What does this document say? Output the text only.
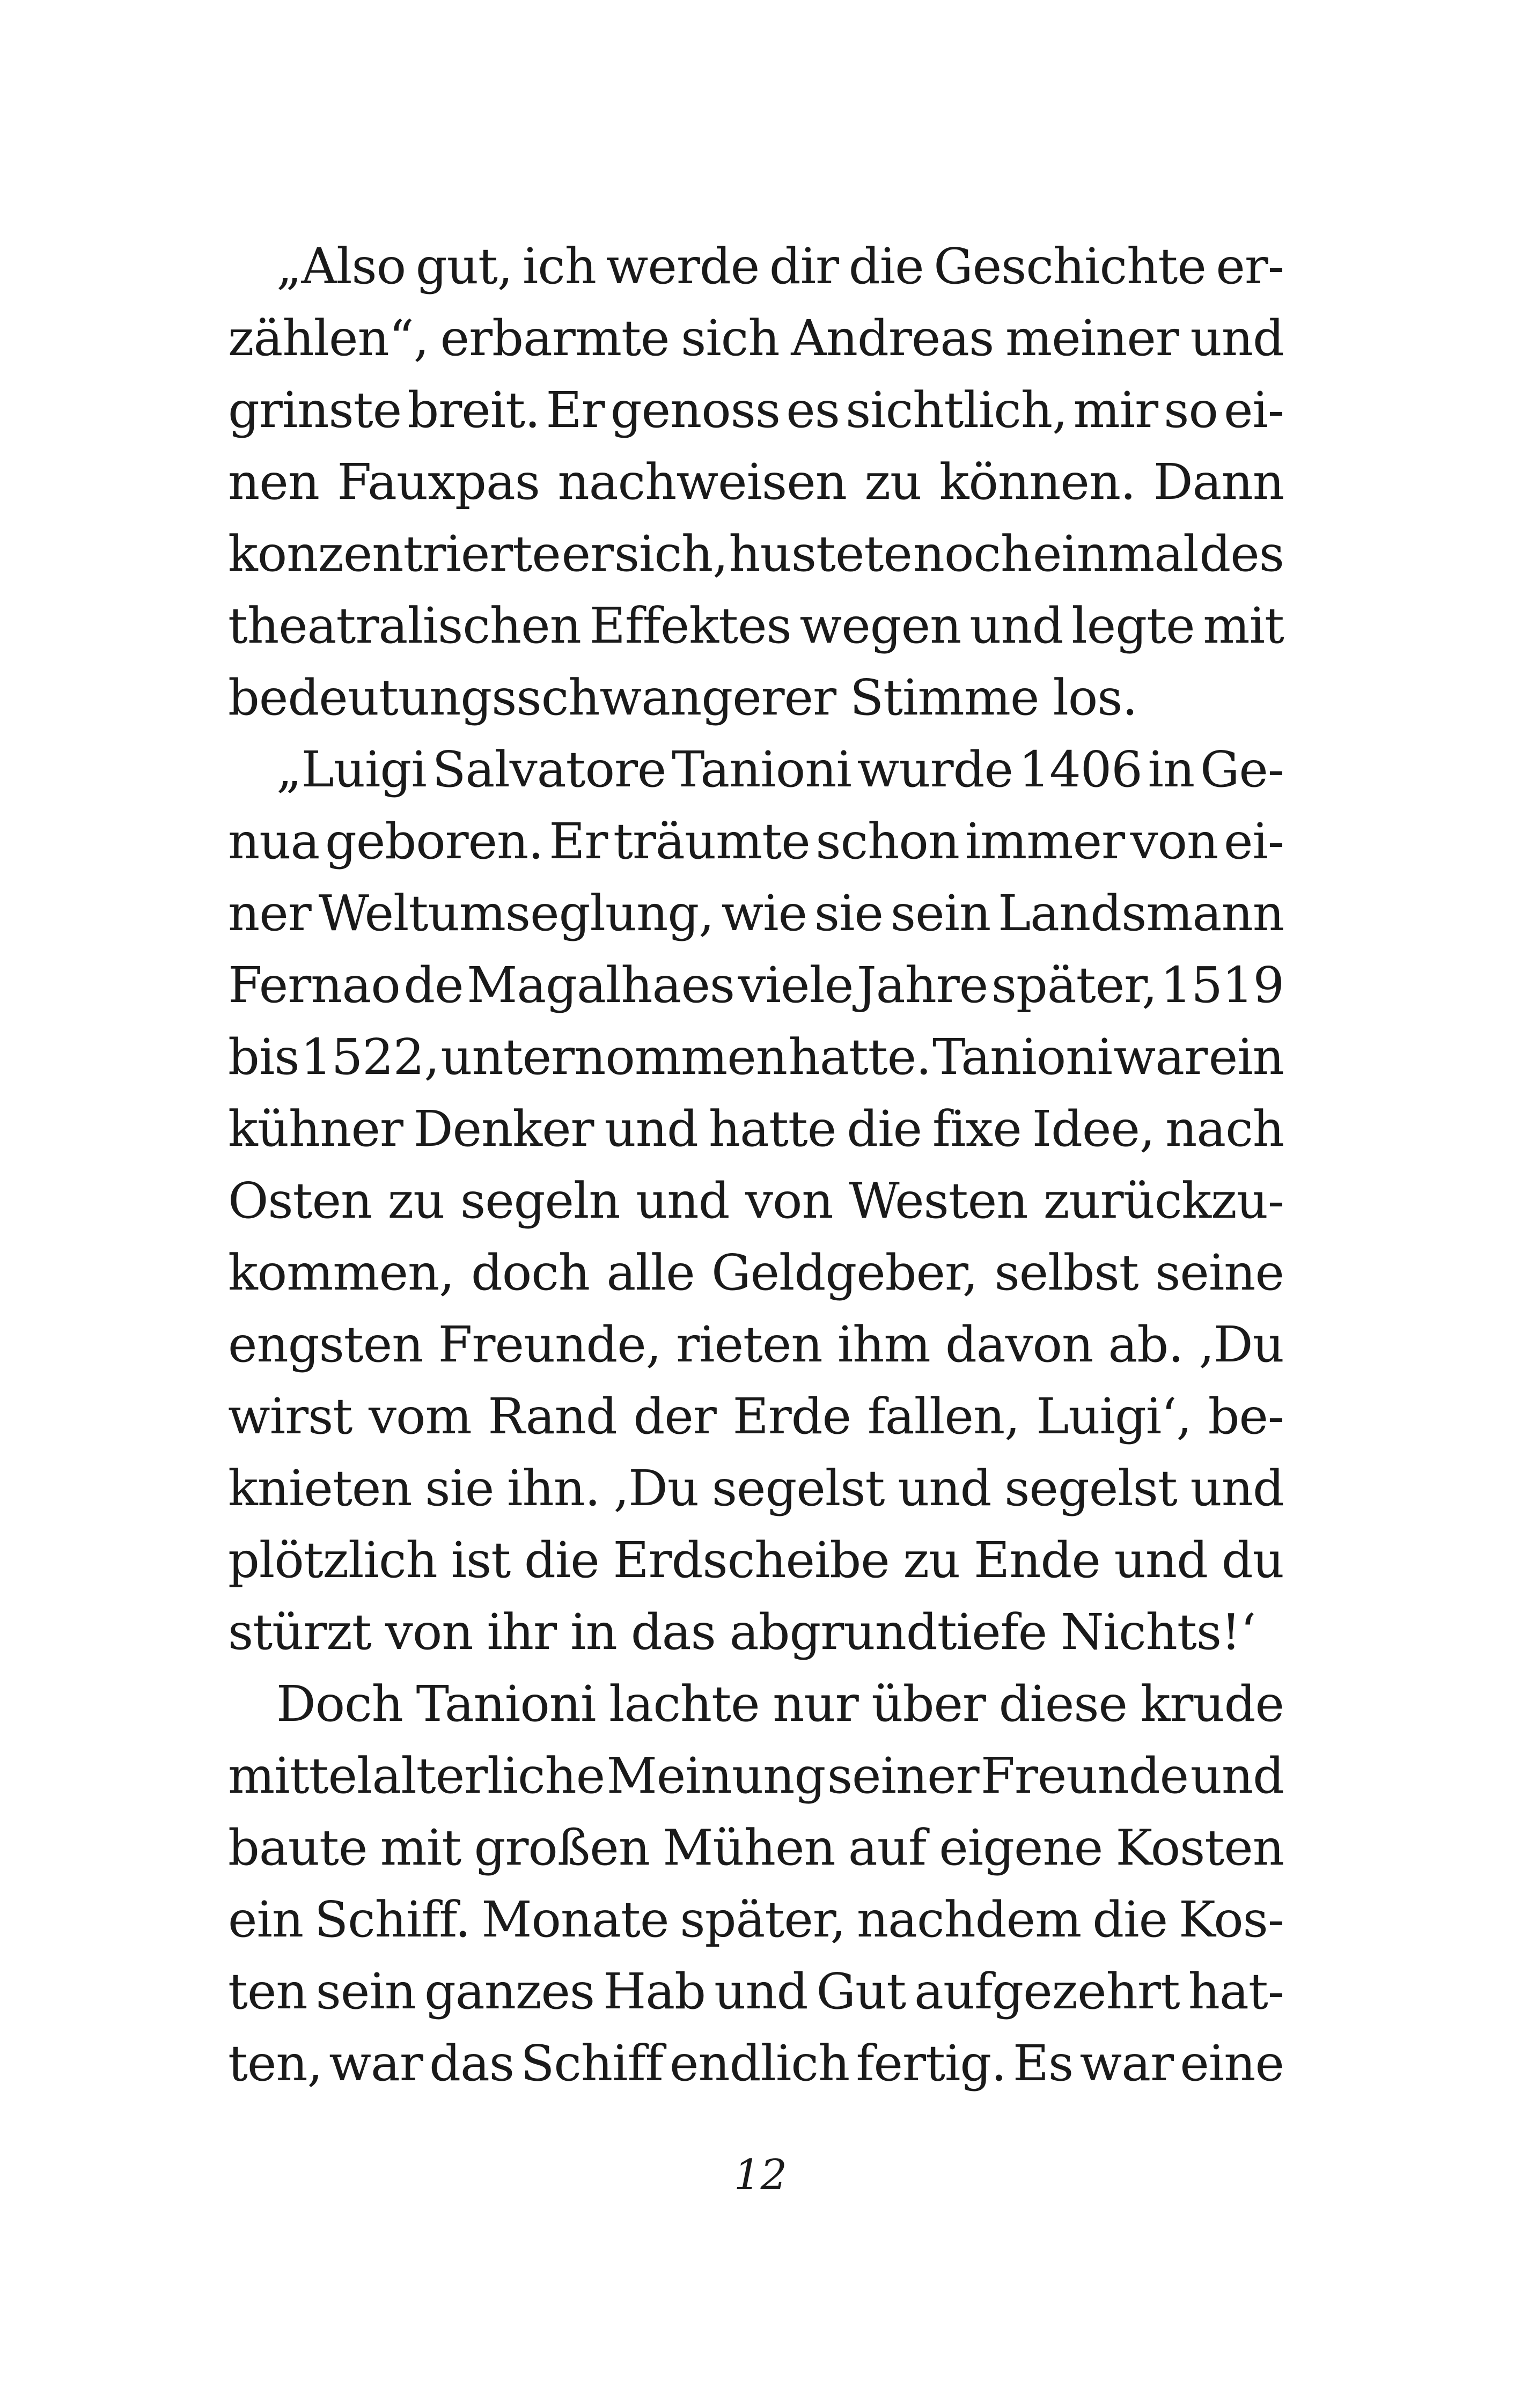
„Also gut, ich werde dir die Geschichte er-
zählen“, erbarmte sich Andreas meiner und
grinste breit. Er genoss es sichtlich, mir so ei-
nen Fauxpas nachweisen zu können. Dann
konzentrierte er sich, hustete noch einmal des
theatralischen Effektes wegen und legte mit
bedeutungsschwangerer Stimme los.
„Luigi Salvatore Tanioni wurde 1406 in Ge-
nua geboren. Er träumte schon immer von ei-
ner Weltumseglung, wie sie sein Landsmann
Fernao de Magalhaes viele Jahre später, 1519
bis 1522, unternommen hatte. Tanioni war ein
kühner Denker und hatte die fixe Idee, nach
Osten zu segeln und von Westen zurückzu-
kommen, doch alle Geldgeber, selbst seine
engsten Freunde, rieten ihm davon ab. ‚Du
wirst vom Rand der Erde fallen, Luigi‘, be-
knieten sie ihn. ‚Du segelst und segelst und
plötzlich ist die Erdscheibe zu Ende und du
stürzt von ihr in das abgrundtiefe Nichts!‘
Doch Tanioni lachte nur über diese krude
mittelalterliche Meinung seiner Freunde und
baute mit großen Mühen auf eigene Kosten
ein Schiff. Monate später, nachdem die Kos-
ten sein ganzes Hab und Gut aufgezehrt hat-
ten, war das Schiff endlich fertig. Es war eine
12
